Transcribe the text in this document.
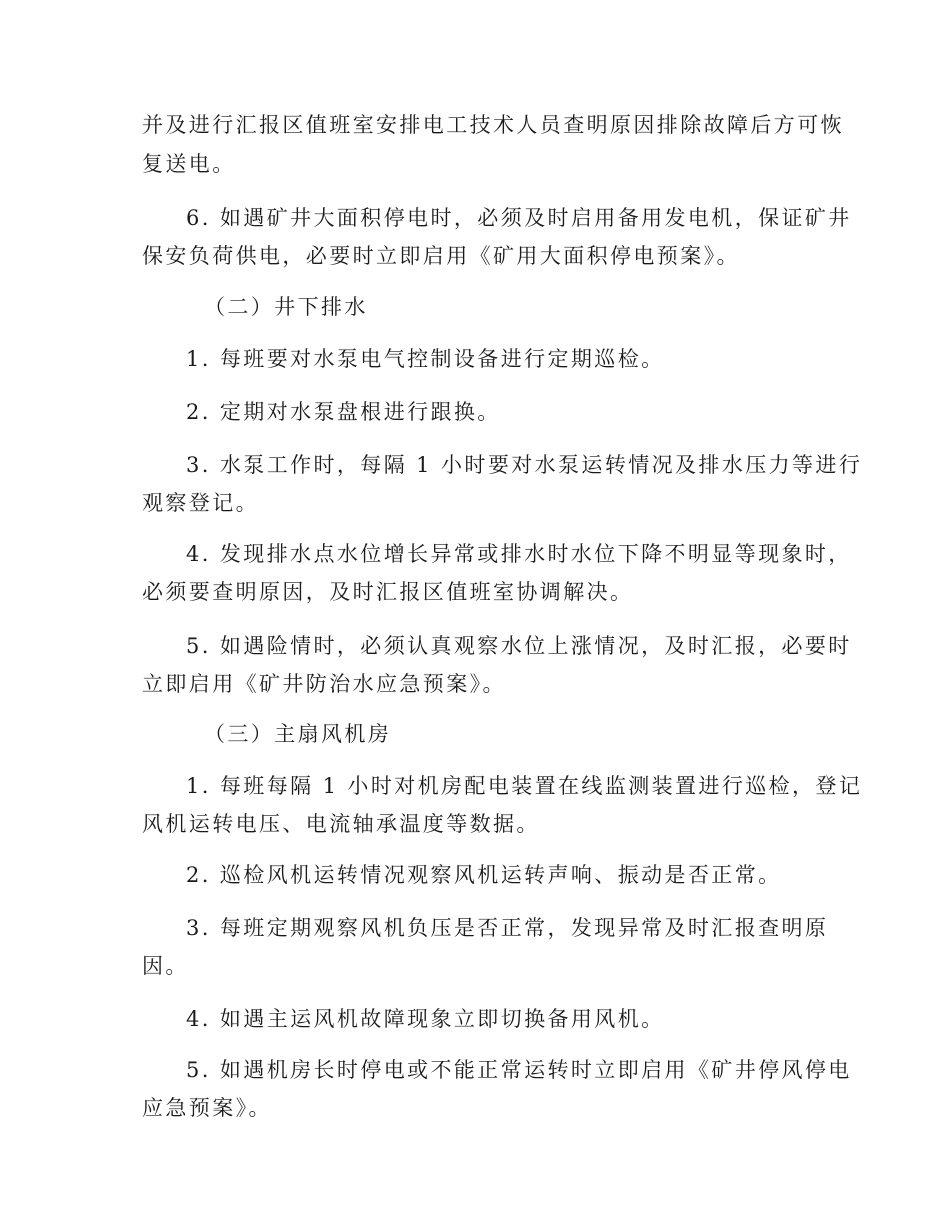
并及进行汇报区值班室安排电工技术人员查明原因排除故障后方可恢
复送电。
6. 如遇矿井大面积停电时，必须及时启用备用发电机，保证矿井
保安负荷供电，必要时立即启用《矿用大面积停电预案》。
（二）井下排水
1. 每班要对水泵电气控制设备进行定期巡检。
2. 定期对水泵盘根进行跟换。
3. 水泵工作时，每隔 1 小时要对水泵运转情况及排水压力等进行
观察登记。
4. 发现排水点水位增长异常或排水时水位下降不明显等现象时，
必须要查明原因，及时汇报区值班室协调解决。
5. 如遇险情时，必须认真观察水位上涨情况，及时汇报，必要时
立即启用《矿井防治水应急预案》。
（三）主扇风机房
1. 每班每隔 1 小时对机房配电装置在线监测装置进行巡检，登记
风机运转电压、电流轴承温度等数据。
2. 巡检风机运转情况观察风机运转声响、振动是否正常。
3. 每班定期观察风机负压是否正常，发现异常及时汇报查明原
因。
4. 如遇主运风机故障现象立即切换备用风机。
5. 如遇机房长时停电或不能正常运转时立即启用《矿井停风停电
应急预案》。
